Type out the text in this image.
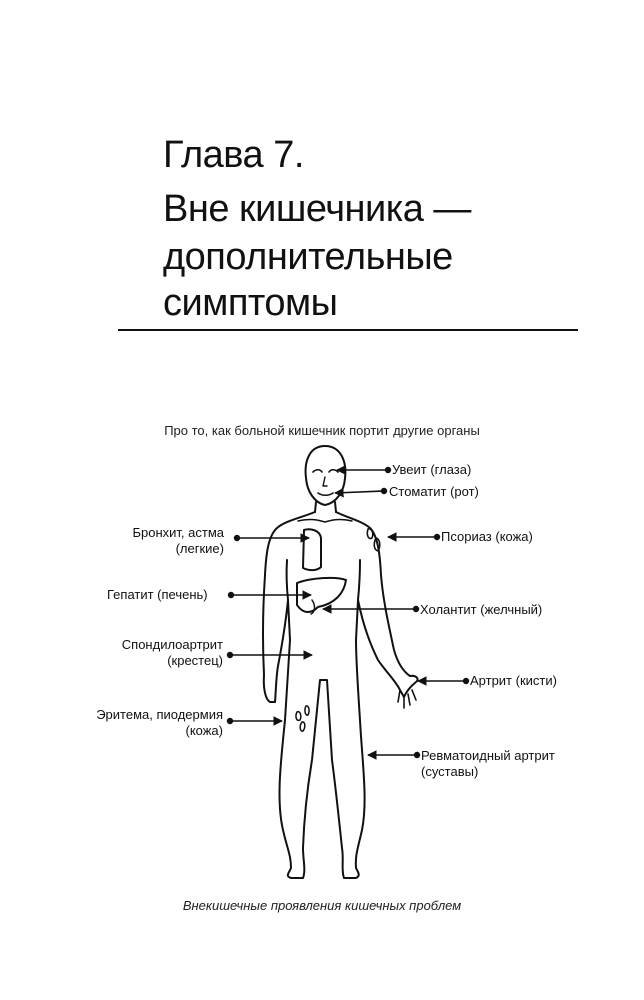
Глава 7.
Вне кишечника —
дополнительные
симптомы
Про то, как больной кишечник портит другие органы
Увеит (глаза)
Стоматит (рот)
Бронхит, астма
(легкие)
Псориаз (кожа)
Гепатит (печень)
Холантит (желчный)
Спондилоартрит
(крестец)
Артрит (кисти)
Эритема, пиодермия
(кожа)
Ревматоидный артрит
(суставы)
Внекишечные проявления кишечных проблем
